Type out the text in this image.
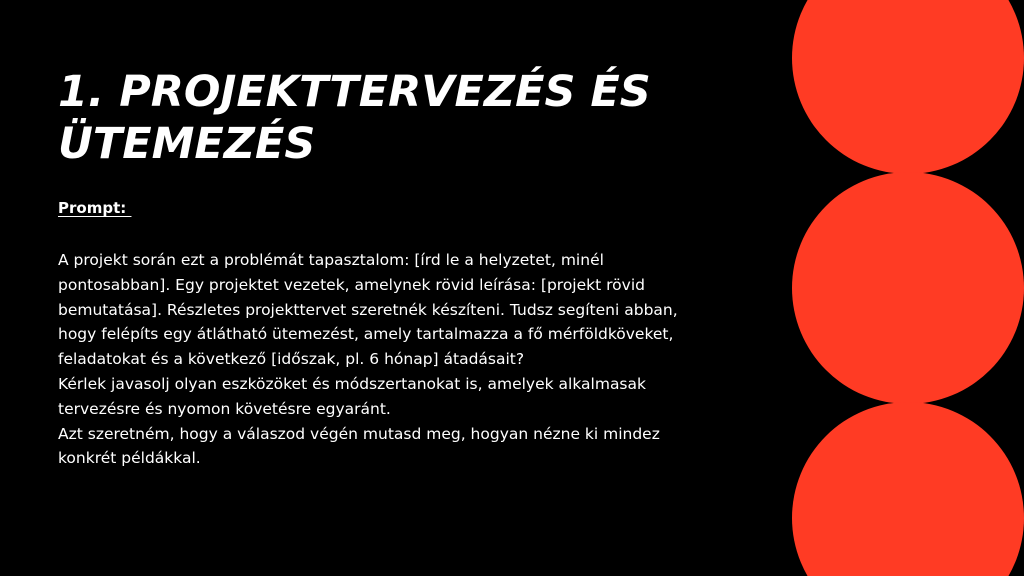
1. PROJEKTTERVEZÉS ÉS
ÜTEMEZÉS

Prompt:

A projekt során ezt a problémát tapasztalom: [írd le a helyzetet, minél
pontosabban]. Egy projektet vezetek, amelynek rövid leírása: [projekt rövid
bemutatása]. Részletes projekttervet szeretnék készíteni. Tudsz segíteni abban,
hogy felépíts egy átlátható ütemezést, amely tartalmazza a fő mérföldköveket,
feladatokat és a következő [időszak, pl. 6 hónap] átadásait?
Kérlek javasolj olyan eszközöket és módszertanokat is, amelyek alkalmasak
tervezésre és nyomon követésre egyaránt.
Azt szeretném, hogy a válaszod végén mutasd meg, hogyan nézne ki mindez
konkrét példákkal.
